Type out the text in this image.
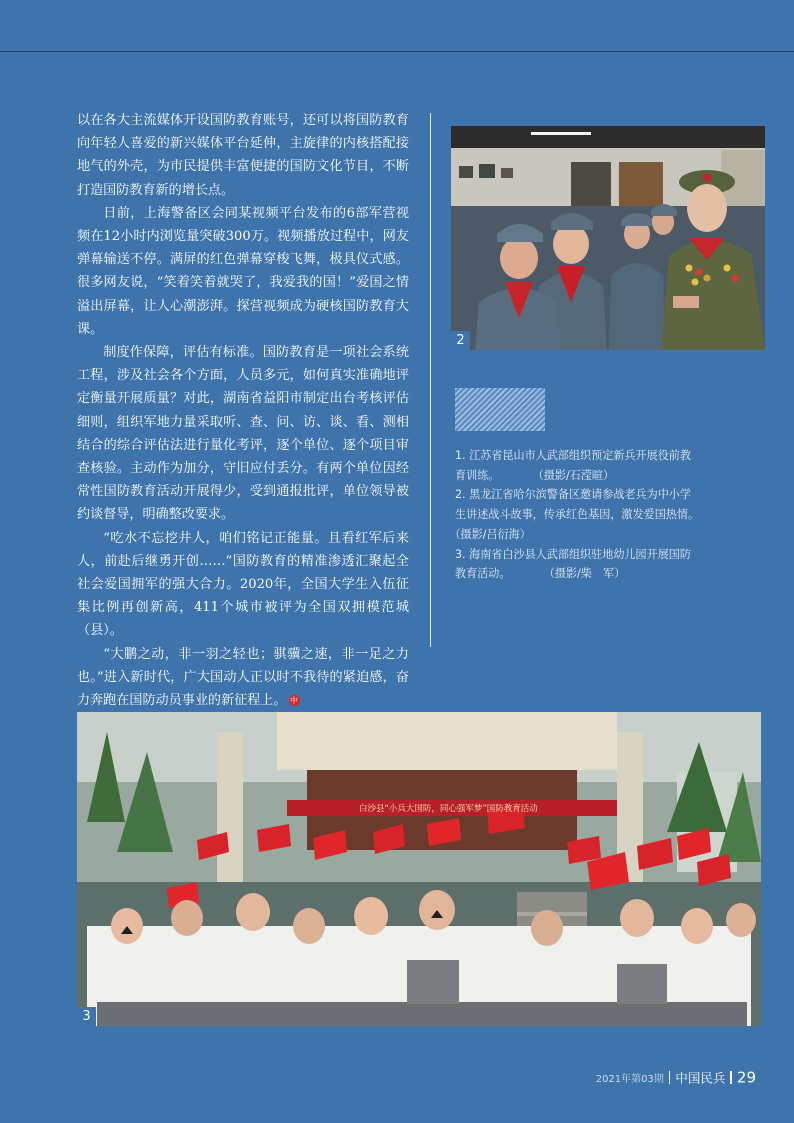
以在各大主流媒体开设国防教育账号，还可以将国防教育向年轻人喜爱的新兴媒体平台延伸，主旋律的内核搭配接地气的外壳，为市民提供丰富便捷的国防文化节目，不断打造国防教育新的增长点。

日前，上海警备区会同某视频平台发布的6部军营视频在12小时内浏览量突破300万。视频播放过程中，网友弹幕输送不停。满屏的红色弹幕穿梭飞舞，极具仪式感。很多网友说，“笑着笑着就哭了，我爱我的国！”爱国之情溢出屏幕，让人心潮澎湃。探营视频成为硬核国防教育大课。

制度作保障，评估有标准。国防教育是一项社会系统工程，涉及社会各个方面，人员多元，如何真实准确地评定衡量开展质量？对此，湖南省益阳市制定出台考核评估细则，组织军地力量采取听、查、问、访、谈、看、测相结合的综合评估法进行量化考评，逐个单位、逐个项目审查核验。主动作为加分，守旧应付丢分。有两个单位因经常性国防教育活动开展得少，受到通报批评，单位领导被约谈督导，明确整改要求。

“吃水不忘挖井人，咱们铭记正能量。且看红军后来人，前赴后继勇开创……”国防教育的精准渗透汇聚起全社会爱国拥军的强大合力。2020年，全国大学生入伍征集比例再创新高，411个城市被评为全国双拥模范城（县）。

“大鹏之动，非一羽之轻也；骐骥之速，非一足之力也。”进入新时代，广大国动人正以时不我待的紧迫感，奋力奔跑在国防动员事业的新征程上。 中

2

1. 江苏省昆山市人武部组织预定新兵开展役前教育训练。　　　　	（摄影/石滢暄）

2. 黑龙江省哈尔滨警备区邀请参战老兵为中小学生讲述战斗故事，传承红色基因，激发爱国热情。　　　　（摄影/吕衍海）

3. 海南省白沙县人武部组织驻地幼儿园开展国防教育活动。　　　　	（摄影/柴　军）

白沙县“小兵大国防，同心强军梦”国防教育活动
3
2021年第03期 中国民兵 29
